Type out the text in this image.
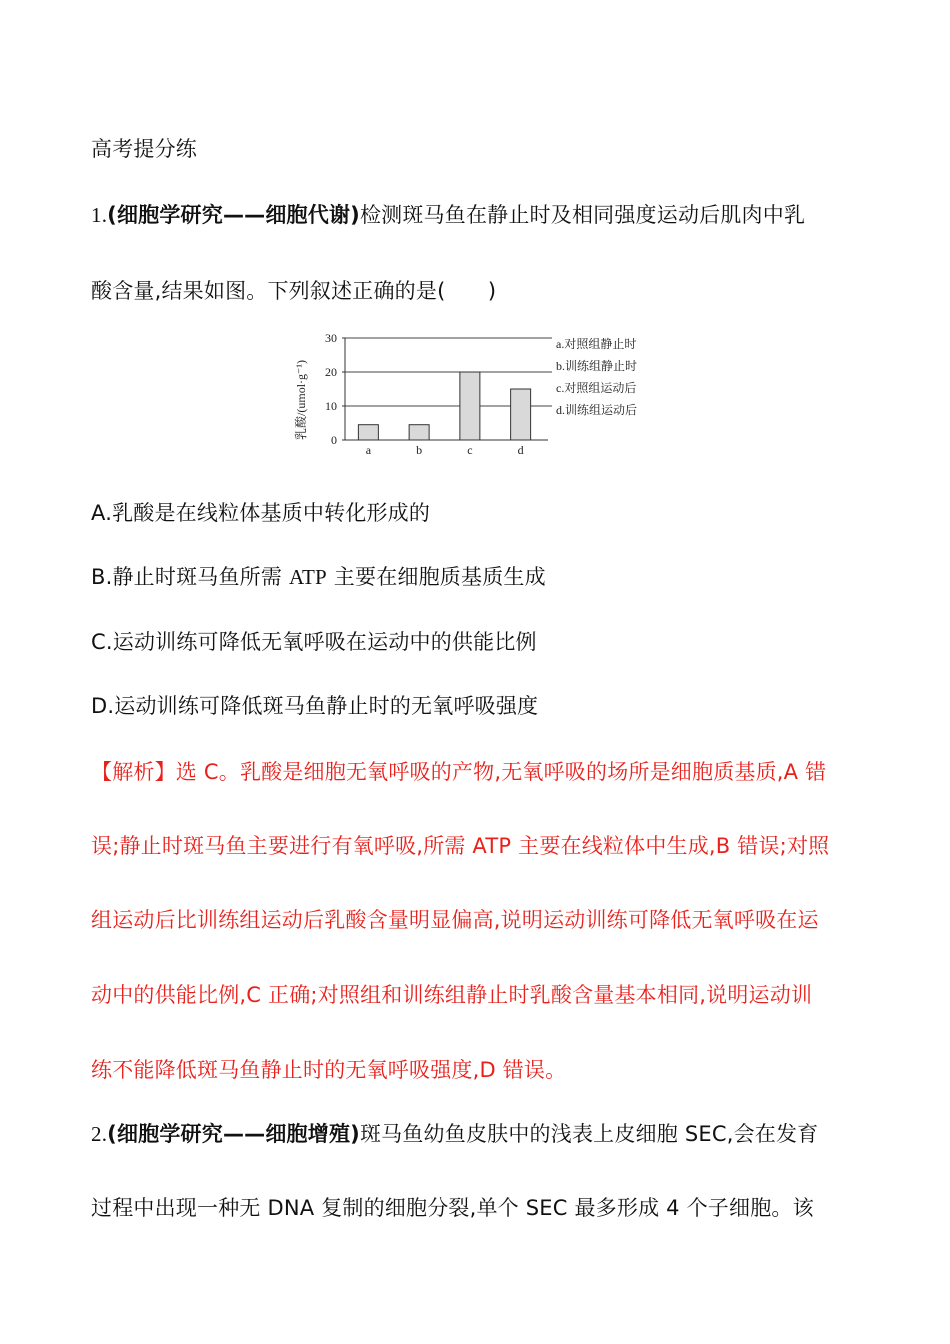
高考提分练
1.(细胞学研究——细胞代谢)检测斑马鱼在静止时及相同强度运动后肌肉中乳
酸含量,结果如图。下列叙述正确的是(　　)
0
10
20
30
a	b	c	d
a.对照组静止时
b.训练组静止时
c.对照组运动后
d.训练组运动后
乳酸/(umol·g⁻¹)
A.乳酸是在线粒体基质中转化形成的
B.静止时斑马鱼所需 ATP 主要在细胞质基质生成
C.运动训练可降低无氧呼吸在运动中的供能比例
D.运动训练可降低斑马鱼静止时的无氧呼吸强度
【解析】选 C。乳酸是细胞无氧呼吸的产物,无氧呼吸的场所是细胞质基质,A 错
误;静止时斑马鱼主要进行有氧呼吸,所需 ATP 主要在线粒体中生成,B 错误;对照
组运动后比训练组运动后乳酸含量明显偏高,说明运动训练可降低无氧呼吸在运
动中的供能比例,C 正确;对照组和训练组静止时乳酸含量基本相同,说明运动训
练不能降低斑马鱼静止时的无氧呼吸强度,D 错误。
2.(细胞学研究——细胞增殖)斑马鱼幼鱼皮肤中的浅表上皮细胞 SEC,会在发育
过程中出现一种无 DNA 复制的细胞分裂,单个 SEC 最多形成 4 个子细胞。该
